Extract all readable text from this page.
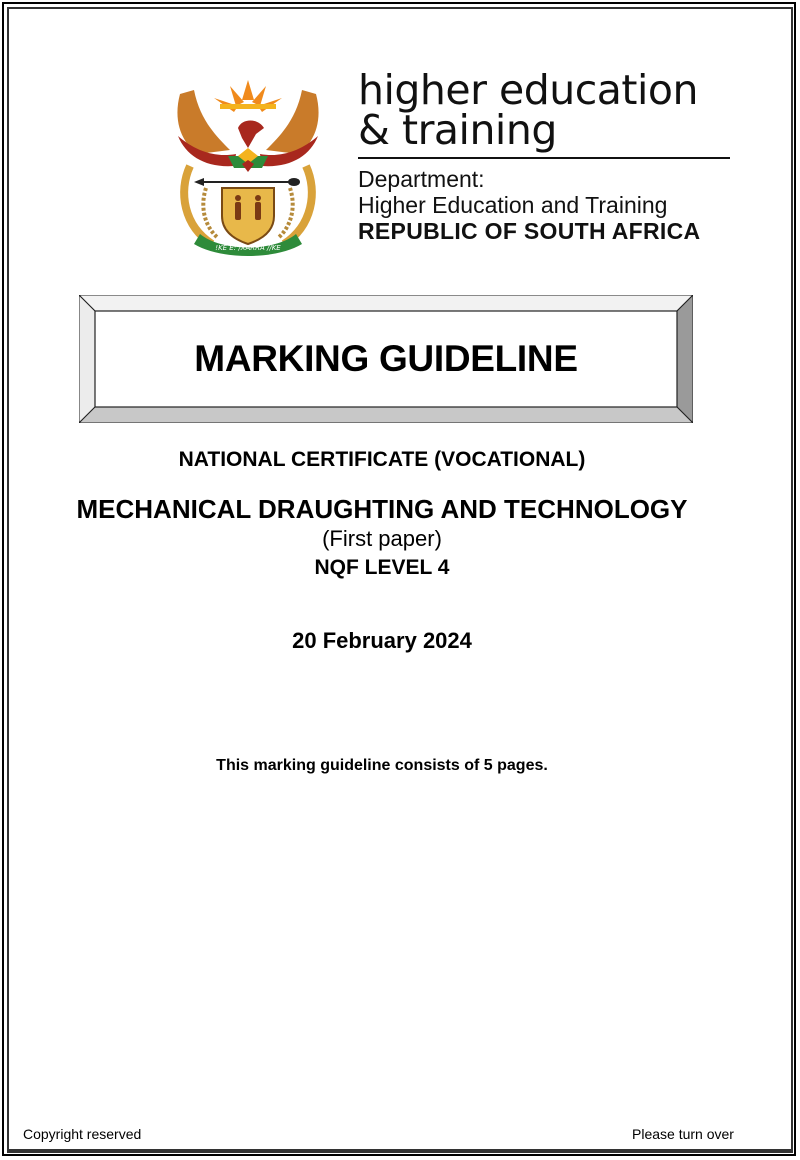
!KE E: /XARRA //KE
higher education
& training
Department:
Higher Education and Training
REPUBLIC OF SOUTH AFRICA
MARKING GUIDELINE
NATIONAL CERTIFICATE (VOCATIONAL)
MECHANICAL DRAUGHTING AND TECHNOLOGY
(First paper)
NQF LEVEL 4
20 February 2024
This marking guideline consists of 5 pages.
Copyright reserved	Please turn over
